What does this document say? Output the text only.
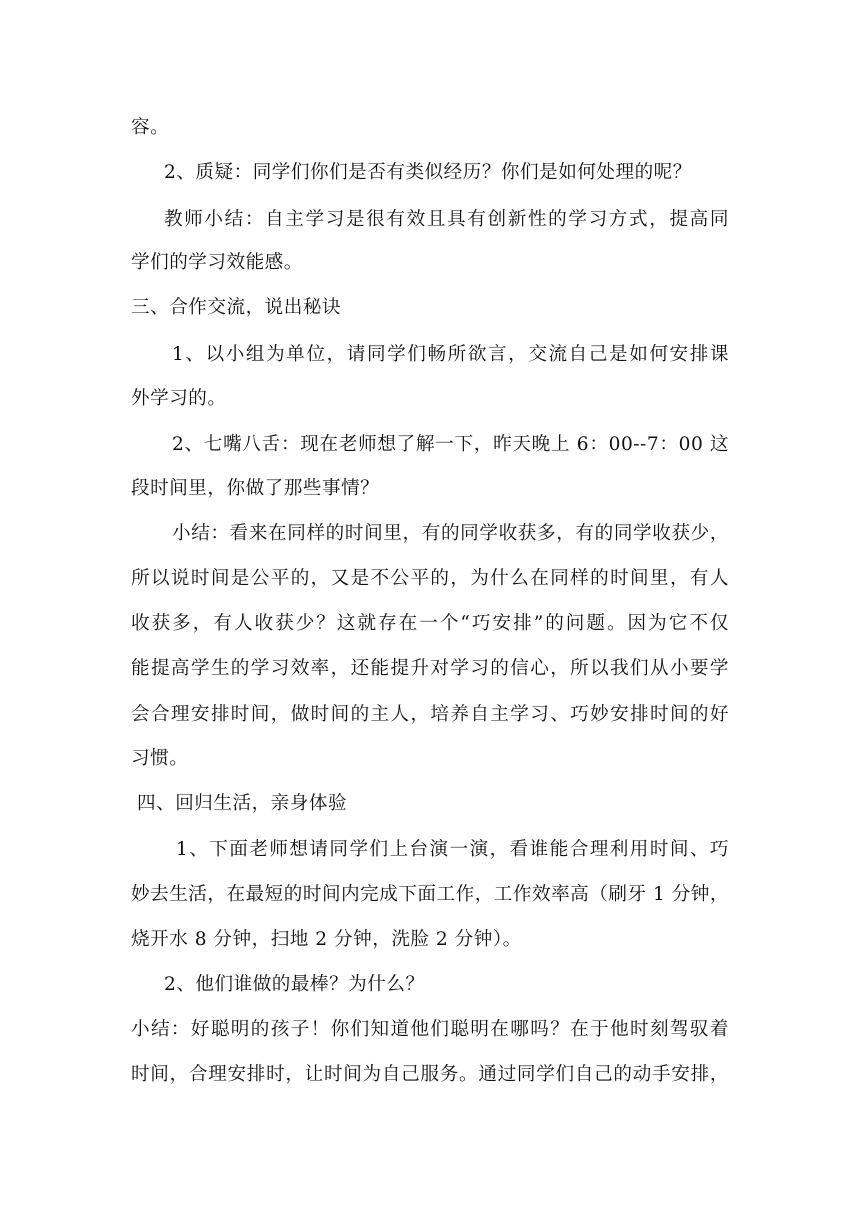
容。
2、质疑：同学们你们是否有类似经历？你们是如何处理的呢？
教师小结：自主学习是很有效且具有创新性的学习方式，提高同
学们的学习效能感。
三、合作交流，说出秘诀
1、以小组为单位，请同学们畅所欲言，交流自己是如何安排课
外学习的。
2、七嘴八舌：现在老师想了解一下，昨天晚上 6：00--7：00 这
段时间里，你做了那些事情？
小结：看来在同样的时间里，有的同学收获多，有的同学收获少，
所以说时间是公平的，又是不公平的，为什么在同样的时间里，有人
收获多，有人收获少？这就存在一个“巧安排”的问题。因为它不仅
能提高学生的学习效率，还能提升对学习的信心，所以我们从小要学
会合理安排时间，做时间的主人，培养自主学习、巧妙安排时间的好
习惯。
四、回归生活，亲身体验
1、下面老师想请同学们上台演一演，看谁能合理利用时间、巧
妙去生活，在最短的时间内完成下面工作，工作效率高（刷牙 1 分钟，
烧开水 8 分钟，扫地 2 分钟，洗脸 2 分钟）。
2、他们谁做的最棒？为什么？
小结：好聪明的孩子！你们知道他们聪明在哪吗？在于他时刻驾驭着
时间，合理安排时，让时间为自己服务。通过同学们自己的动手安排，
